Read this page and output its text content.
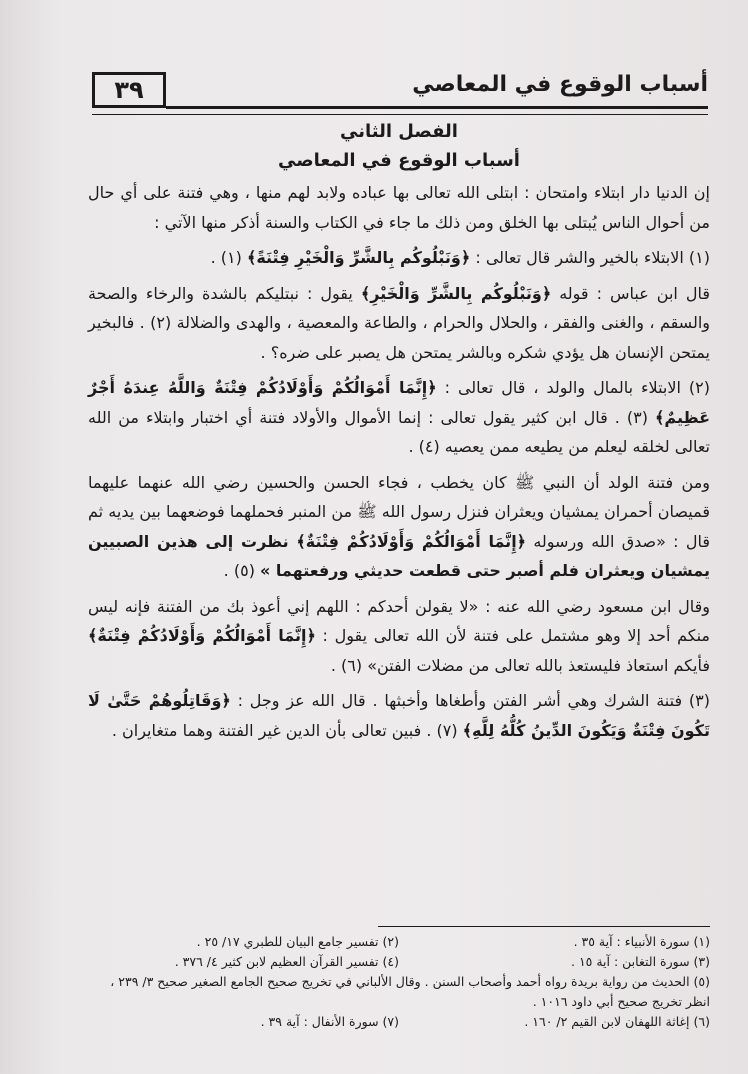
٣٩	أسباب الوقوع في المعاصي
الفصل الثاني
أسباب الوقوع في المعاصي

إن الدنيا دار ابتلاء وامتحان : ابتلى الله تعالى بها عباده ولابد لهم منها ، وهي فتنة على أي حال من أحوال الناس يُبتلى بها الخلق ومن ذلك ما جاء في الكتاب والسنة أذكر منها الآتي :

(١) الابتلاء بالخير والشر قال تعالى : ﴿وَنَبْلُوكُم بِالشَّرِّ وَالْخَيْرِ فِتْنَةً﴾ (١) .

قال ابن عباس : قوله ﴿وَنَبْلُوكُم بِالشَّرِّ وَالْخَيْرِ﴾ يقول : نبتليكم بالشدة والرخاء والصحة والسقم ، والغنى والفقر ، والحلال والحرام ، والطاعة والمعصية ، والهدى والضلالة (٢) . فالبخير يمتحن الإنسان هل يؤدي شكره وبالشر يمتحن هل يصبر على ضره؟ .

(٢) الابتلاء بالمال والولد ، قال تعالى : ﴿إِنَّمَا أَمْوَالُكُمْ وَأَوْلَادُكُمْ فِتْنَةٌ وَاللَّهُ عِندَهُ أَجْرٌ عَظِيمٌ﴾ (٣) . قال ابن كثير يقول تعالى : إنما الأموال والأولاد فتنة أي اختبار وابتلاء من الله تعالى لخلقه ليعلم من يطيعه ممن يعصيه (٤) .

ومن فتنة الولد أن النبي ﷺ كان يخطب ، فجاء الحسن والحسين رضي الله عنهما عليهما قميصان أحمران يمشيان ويعثران فنزل رسول الله ﷺ من المنبر فحملهما فوضعهما بين يديه ثم قال : «صدق الله ورسوله ﴿إِنَّمَا أَمْوَالُكُمْ وَأَوْلَادُكُمْ فِتْنَةٌ﴾ نظرت إلى هذين الصبيين يمشيان ويعثران فلم أصبر حتى قطعت حديثي ورفعتهما » (٥) .

وقال ابن مسعود رضي الله عنه : «لا يقولن أحدكم : اللهم إني أعوذ بك من الفتنة فإنه ليس منكم أحد إلا وهو مشتمل على فتنة لأن الله تعالى يقول : ﴿إِنَّمَا أَمْوَالُكُمْ وَأَوْلَادُكُمْ فِتْنَةٌ﴾ فأيكم استعاذ فليستعذ بالله تعالى من مضلات الفتن» (٦) .

(٣) فتنة الشرك وهي أشر الفتن وأطغاها وأخبثها . قال الله عز وجل : ﴿وَقَاتِلُوهُمْ حَتَّىٰ لَا تَكُونَ فِتْنَةٌ وَيَكُونَ الدِّينُ كُلُّهُ لِلَّهِ﴾ (٧) . فبين تعالى بأن الدين غير الفتنة وهما متغايران .

(١) سورة الأنبياء : آية ٣٥ .
(٢) تفسير جامع البيان للطبري ١٧/ ٢٥ .
(٣) سورة التغابن : آية ١٥ .
(٤) تفسير القرآن العظيم لابن كثير ٤/ ٣٧٦ .
(٥) الحديث من رواية بريدة رواه أحمد وأصحاب السنن . وقال الألباني في تخريج صحيح الجامع الصغير صحيح ٣/ ٢٣٩ ، انظر تخريج صحيح أبي داود ١٠١٦ .
(٦) إغاثة اللهفان لابن القيم ٢/ ١٦٠ .
(٧) سورة الأنفال : آية ٣٩ .
